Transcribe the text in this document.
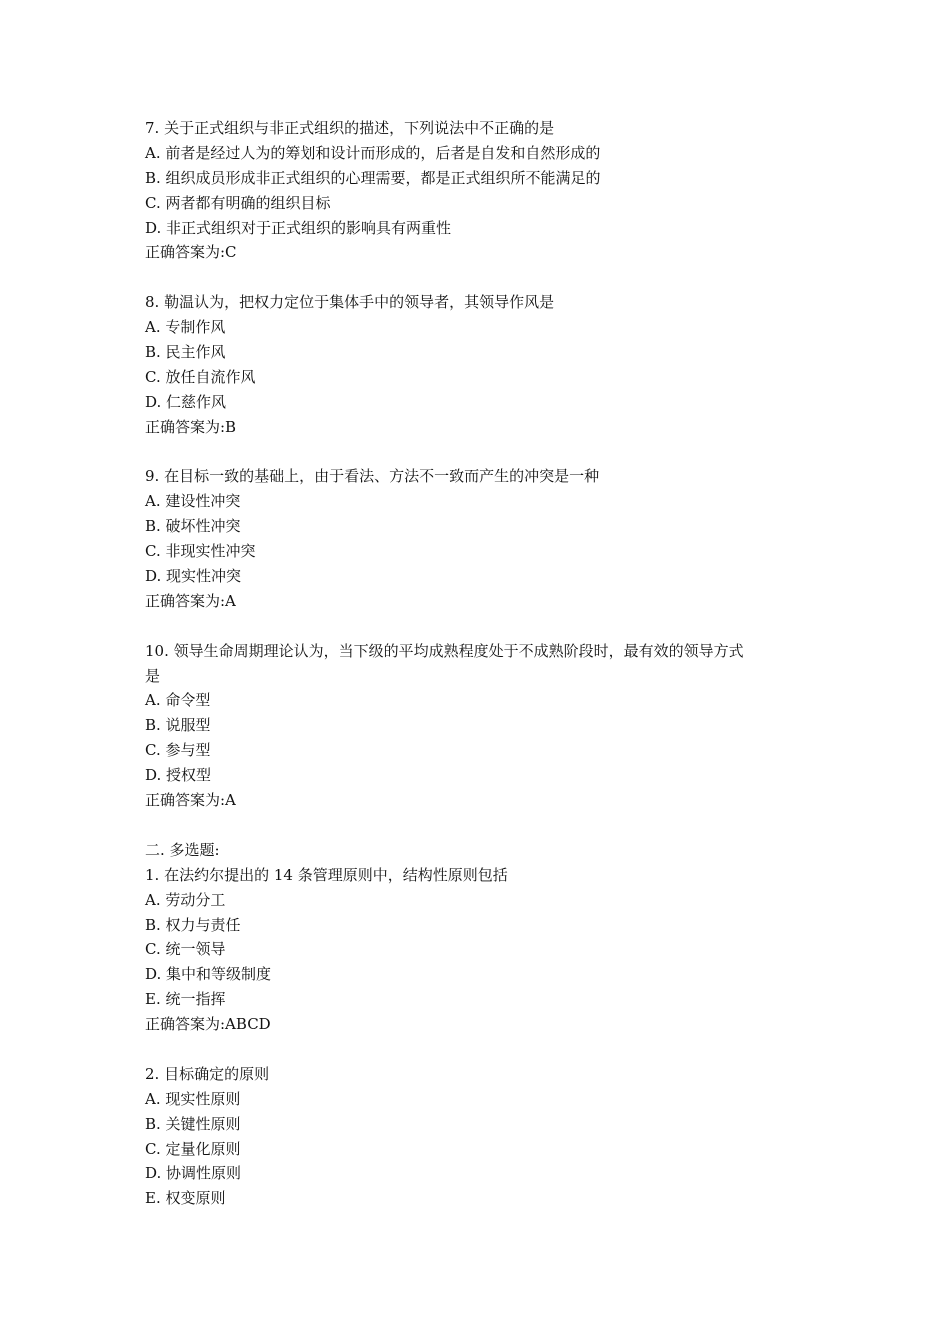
7. 关于正式组织与非正式组织的描述，下列说法中不正确的是
A. 前者是经过人为的筹划和设计而形成的，后者是自发和自然形成的
B. 组织成员形成非正式组织的心理需要，都是正式组织所不能满足的
C. 两者都有明确的组织目标
D. 非正式组织对于正式组织的影响具有两重性
正确答案为:C
8. 勒温认为，把权力定位于集体手中的领导者，其领导作风是
A. 专制作风
B. 民主作风
C. 放任自流作风
D. 仁慈作风
正确答案为:B
9. 在目标一致的基础上，由于看法、方法不一致而产生的冲突是一种
A. 建设性冲突
B. 破坏性冲突
C. 非现实性冲突
D. 现实性冲突
正确答案为:A
10. 领导生命周期理论认为，当下级的平均成熟程度处于不成熟阶段时，最有效的领导方式
是
A. 命令型
B. 说服型
C. 参与型
D. 授权型
正确答案为:A
二. 多选题:
1. 在法约尔提出的 14 条管理原则中，结构性原则包括
A. 劳动分工
B. 权力与责任
C. 统一领导
D. 集中和等级制度
E. 统一指挥
正确答案为:ABCD
2. 目标确定的原则
A. 现实性原则
B. 关键性原则
C. 定量化原则
D. 协调性原则
E. 权变原则
